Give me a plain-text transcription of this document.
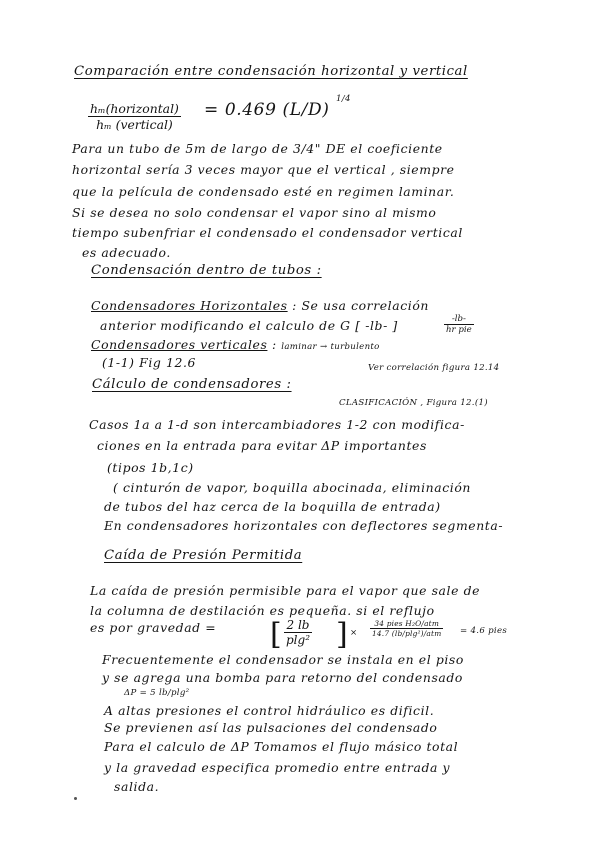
Comparación entre condensación horizontal y vertical
hₘ(horizontal)
hₘ (vertical)
= 0.469 (L/D)
1/4
Para un tubo de 5m de largo de 3/4" DE el coeficiente
horizontal sería 3 veces mayor que el vertical , siempre
que la película de condensado esté en regimen laminar.
Si se desea no solo condensar el vapor sino al mismo
tiempo subenfriar el condensado el condensador vertical
es adecuado.
Condensación dentro de tubos :
Condensadores Horizontales : Se usa correlación
anterior modificando el calculo de G [ -lb- ]	-lb-
hr pie
Condensadores verticales : laminar → turbulento
(1-1) Fig 12.6	Ver correlación figura 12.14
Cálculo de condensadores :
CLASIFICACIÓN , Figura 12.(1)
Casos 1a a 1-d son intercambiadores 1-2 con modifica-
ciones en la entrada para evitar ΔP importantes
(tipos 1b,1c)
( cinturón de vapor, boquilla abocinada, eliminación
de tubos del haz cerca de la boquilla de entrada)
En condensadores horizontales con deflectores segmenta-
Caída de Presión Permitida
La caída de presión permisible para el vapor que sale de
la columna de destilación es pequeña. si el reflujo
es por gravedad = [ $\frac{2 lb}{\text{plg²}}$ ] ×
34 pies H₂O/atm
14.7 (lb/plg²)/atm = 4.6 pies
Frecuentemente el condensador se instala en el piso
y se agrega una bomba para retorno del condensado
ΔP = 5 lb/plg²
A altas presiones el control hidráulico es dificil.
Se previenen así las pulsaciones del condensado
Para el calculo de ΔP Tomamos el flujo másico total
y la gravedad especifica promedio entre entrada y
salida.
